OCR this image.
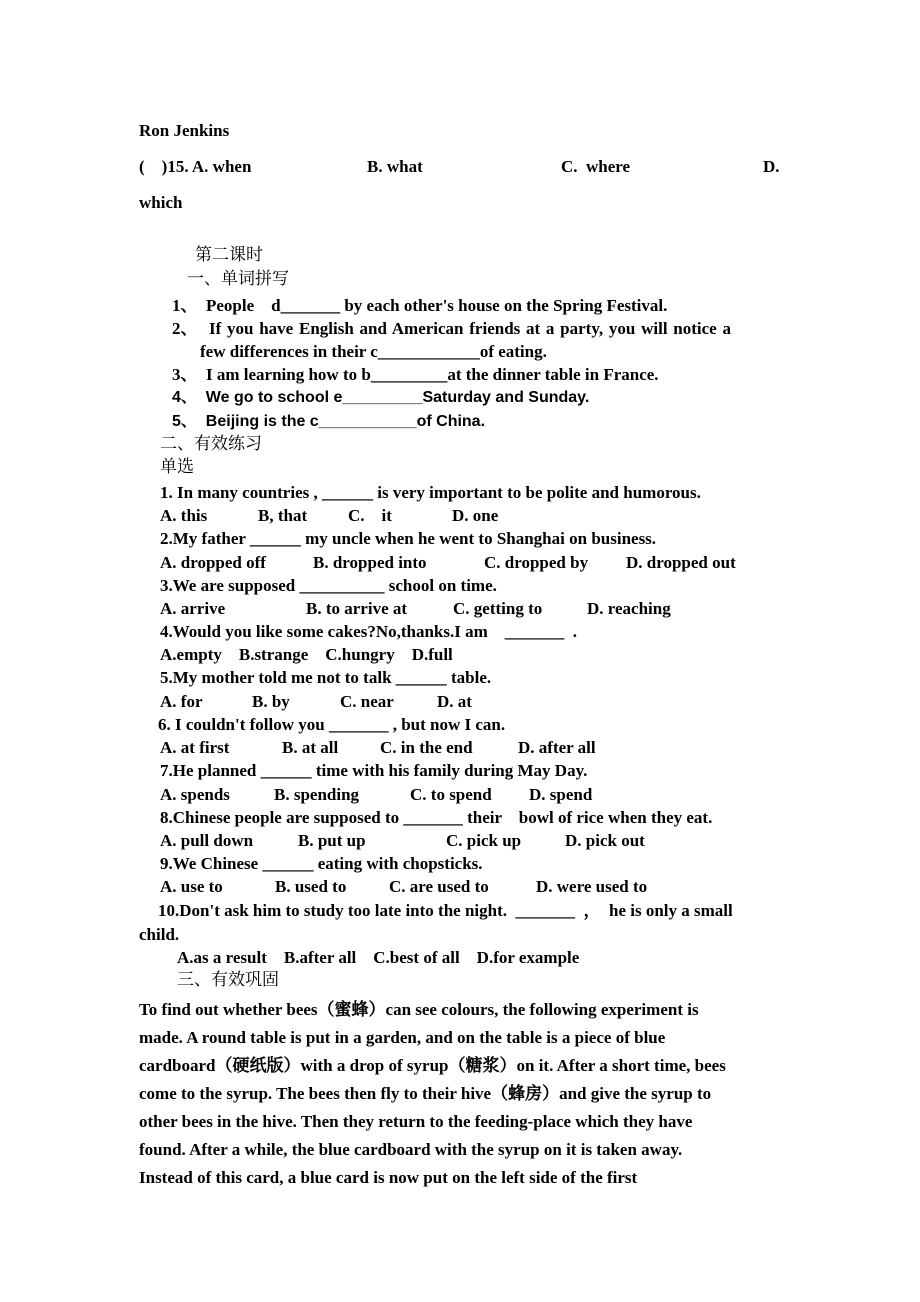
Ron Jenkins
(    )15. A. when	B. what	C.  where	D.
which
第二课时
一、单词拼写
1、  People    d_______ by each other's house on the Spring Festival.
2、  If you have English and American friends at a party, you will notice a
few differences in their c____________of eating.
3、  I am learning how to b_________at the dinner table in France.
4、  We go to school e_________Saturday and Sunday.
5、  Beijing is the c___________of China.
二、有效练习
单选
1. In many countries , ______ is very important to be polite and humorous.
A. this	B, that C.    it	D. one
2.My father ______ my uncle when he went to Shanghai on business.
A. dropped off	B. dropped into	C. dropped by D. dropped out
3.We are supposed __________ school on time.
A. arrive	B. to arrive at	C. getting to	D. reaching
4.Would you like some cakes?No,thanks.I am    _______  .
A.empty    B.strange    C.hungry    D.full
5.My mother told me not to talk ______ table.
A. for	B. by	C. near	D. at
6. I couldn't follow you _______ , but now I can.
A. at first	B. at all C. in the end	D. after all
7.He planned ______ time with his family during May Day.
A. spends	B. spending	C. to spend D. spend
8.Chinese people are supposed to _______ their    bowl of rice when they eat.
A. pull down	B. put up	C. pick up	D. pick out
9.We Chinese ______ eating with chopsticks.
A. use to	B. used to	C. are used to	D. were used to
10.Don't ask him to study too late into the night.  _______  ，  he is only a small
child.
A.as a result    B.after all    C.best of all    D.for example
三、有效巩固
To find out whether bees（蜜蜂）can see colours, the following experiment is
made. A round table is put in a garden, and on the table is a piece of blue
cardboard（硬纸版）with a drop of syrup（糖浆）on it. After a short time, bees
come to the syrup. The bees then fly to their hive（蜂房）and give the syrup to
other bees in the hive. Then they return to the feeding-place which they have
found. After a while, the blue cardboard with the syrup on it is taken away.
Instead of this card, a blue card is now put on the left side of the first
